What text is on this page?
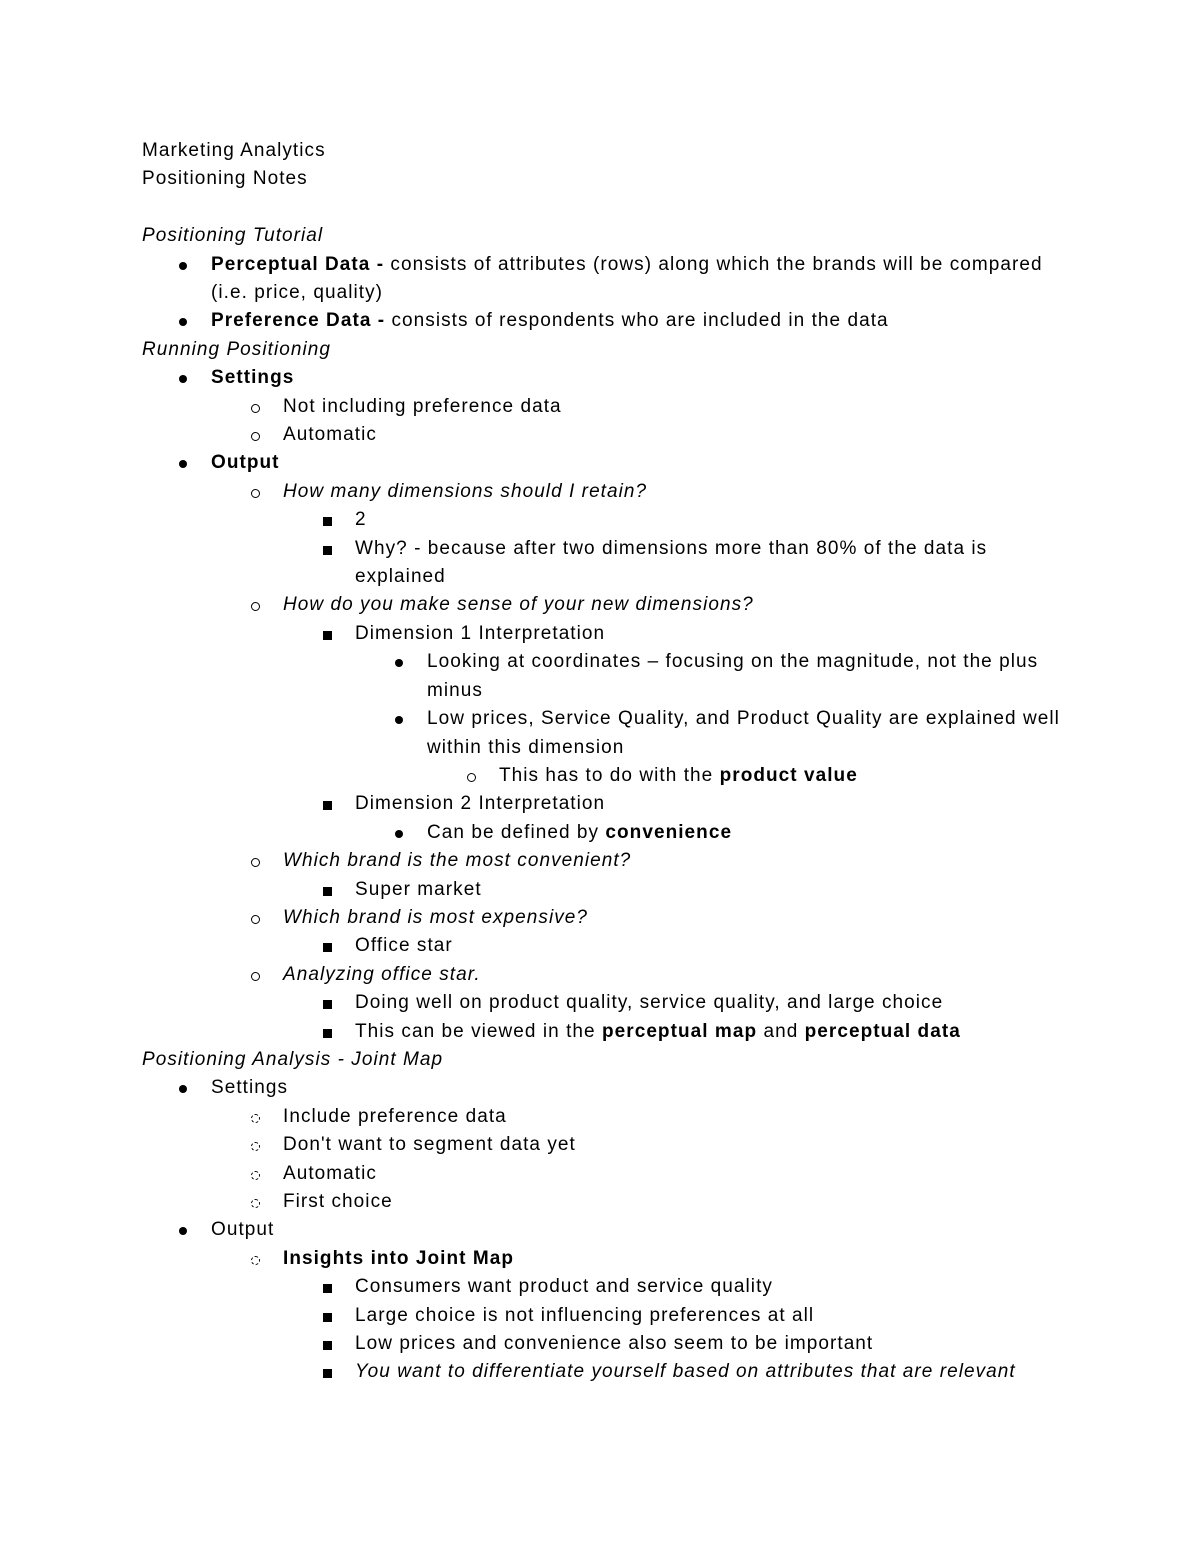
Marketing Analytics
Positioning Notes
Positioning Tutorial
Perceptual Data - consists of attributes (rows) along which the brands will be compared (i.e. price, quality)
Preference Data - consists of respondents who are included in the data
Running Positioning
Settings
Not including preference data
Automatic
Output
How many dimensions should I retain?
2
Why? - because after two dimensions more than 80% of the data is explained
How do you make sense of your new dimensions?
Dimension 1 Interpretation
Looking at coordinates – focusing on the magnitude, not the plus minus
Low prices, Service Quality, and Product Quality are explained well within this dimension
This has to do with the product value
Dimension 2 Interpretation
Can be defined by convenience
Which brand is the most convenient?
Super market
Which brand is most expensive?
Office star
Analyzing office star.
Doing well on product quality, service quality, and large choice
This can be viewed in the perceptual map and perceptual data
Positioning Analysis - Joint Map
Settings
Include preference data
Don't want to segment data yet
Automatic
First choice
Output
Insights into Joint Map
Consumers want product and service quality
Large choice is not influencing preferences at all
Low prices and convenience also seem to be important
You want to differentiate yourself based on attributes that are relevant
